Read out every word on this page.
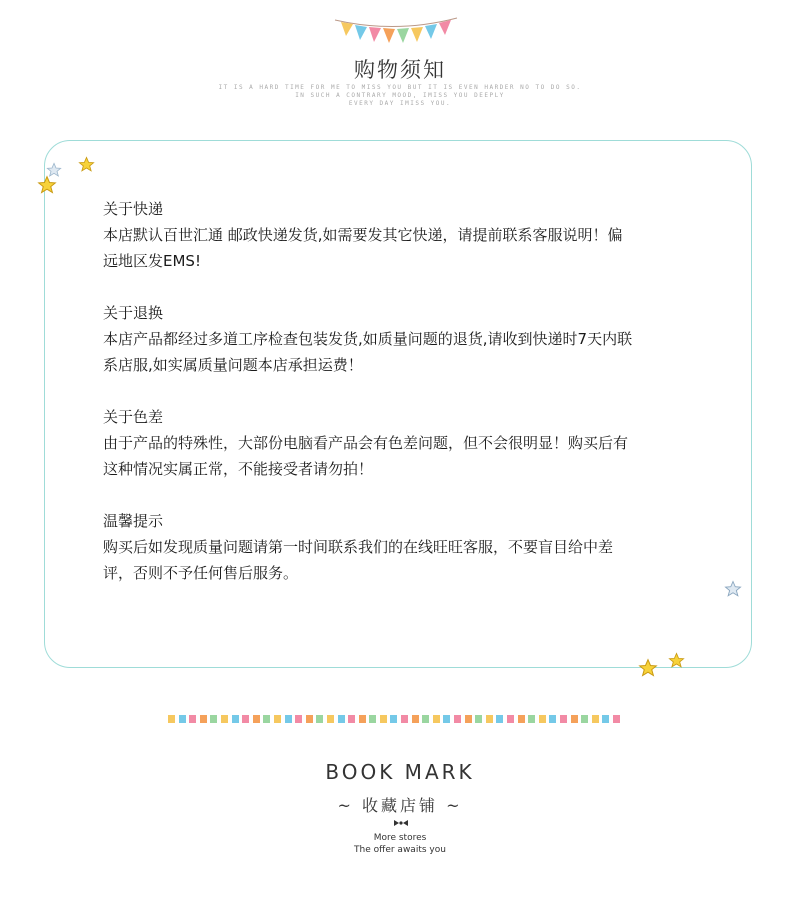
购物须知
IT IS A HARD TIME FOR ME TO MISS YOU BUT IT IS EVEN HARDER NO TO DO SO.
IN SUCH A CONTRARY MOOD, IMISS YOU DEEPLY
EVERY DAY IMISS YOU.

关于快递

本店默认百世汇通 邮政快递发货,如需要发其它快递，请提前联系客服说明！偏

远地区发EMS!

关于退换

本店产品都经过多道工序检查包装发货,如质量问题的退货,请收到快递时7天内联

系店服,如实属质量问题本店承担运费！

关于色差

由于产品的特殊性，大部份电脑看产品会有色差问题，但不会很明显！购买后有

这种情况实属正常，不能接受者请勿拍！

温馨提示

购买后如发现质量问题请第一时间联系我们的在线旺旺客服，不要盲目给中差

评，否则不予任何售后服务。

BOOK MARK
~ 收藏店铺 ~
More stores
The offer awaits you
